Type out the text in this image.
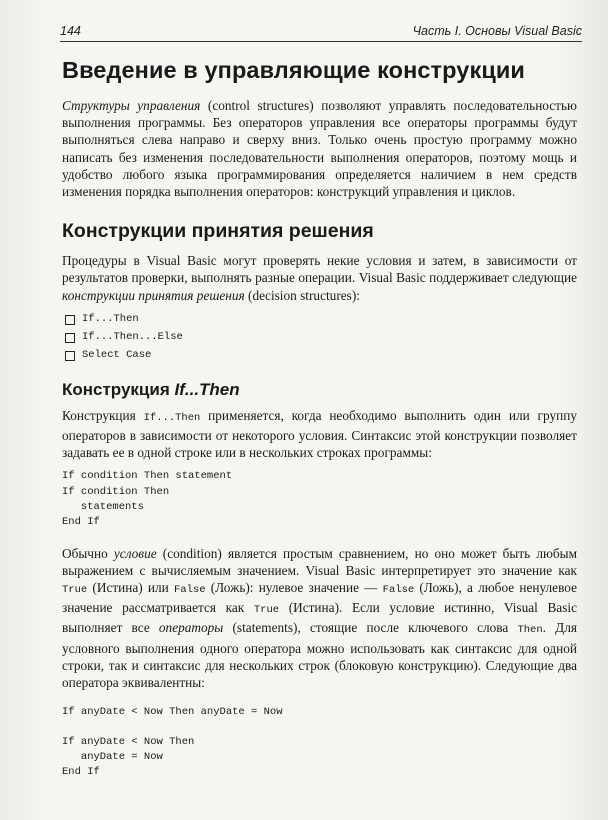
144	Часть I. Основы Visual Basic
Введение в управляющие конструкции

Структуры управления (control structures) позволяют управлять последовательностью выполнения программы. Без операторов управления все операторы программы будут выполняться слева направо и сверху вниз. Только очень простую программу можно написать без изменения последовательности выполнения операторов, поэтому мощь и удобство любого языка программирования определяется наличием в нем средств изменения порядка выполнения операторов: конструкций управления и циклов.

Конструкции принятия решения

Процедуры в Visual Basic могут проверять некие условия и затем, в зависимости от результатов проверки, выполнять разные операции. Visual Basic поддерживает следующие конструкции принятия решения (decision structures):

If...Then
If...Then...Else
Select Case
Конструкция If...Then

Конструкция If...Then применяется, когда необходимо выполнить один или группу операторов в зависимости от некоторого условия. Синтаксис этой конструкции позволяет задавать ее в одной строке или в нескольких строках программы:

If condition Then statement
If condition Then
statements
End If

Обычно условие (condition) является простым сравнением, но оно может быть любым выражением с вычисляемым значением. Visual Basic интерпретирует это значение как True (Истина) или False (Ложь): нулевое значение — False (Ложь), а любое ненулевое значение рассматривается как True (Истина). Если условие истинно, Visual Basic выполняет все операторы (statements), стоящие после ключевого слова Then. Для условного выполнения одного оператора можно использовать как синтаксис для одной строки, так и синтаксис для нескольких строк (блоковую конструкцию). Следующие два оператора эквивалентны:

If anyDate < Now Then anyDate = Now
If anyDate < Now Then
anyDate = Now
End If
